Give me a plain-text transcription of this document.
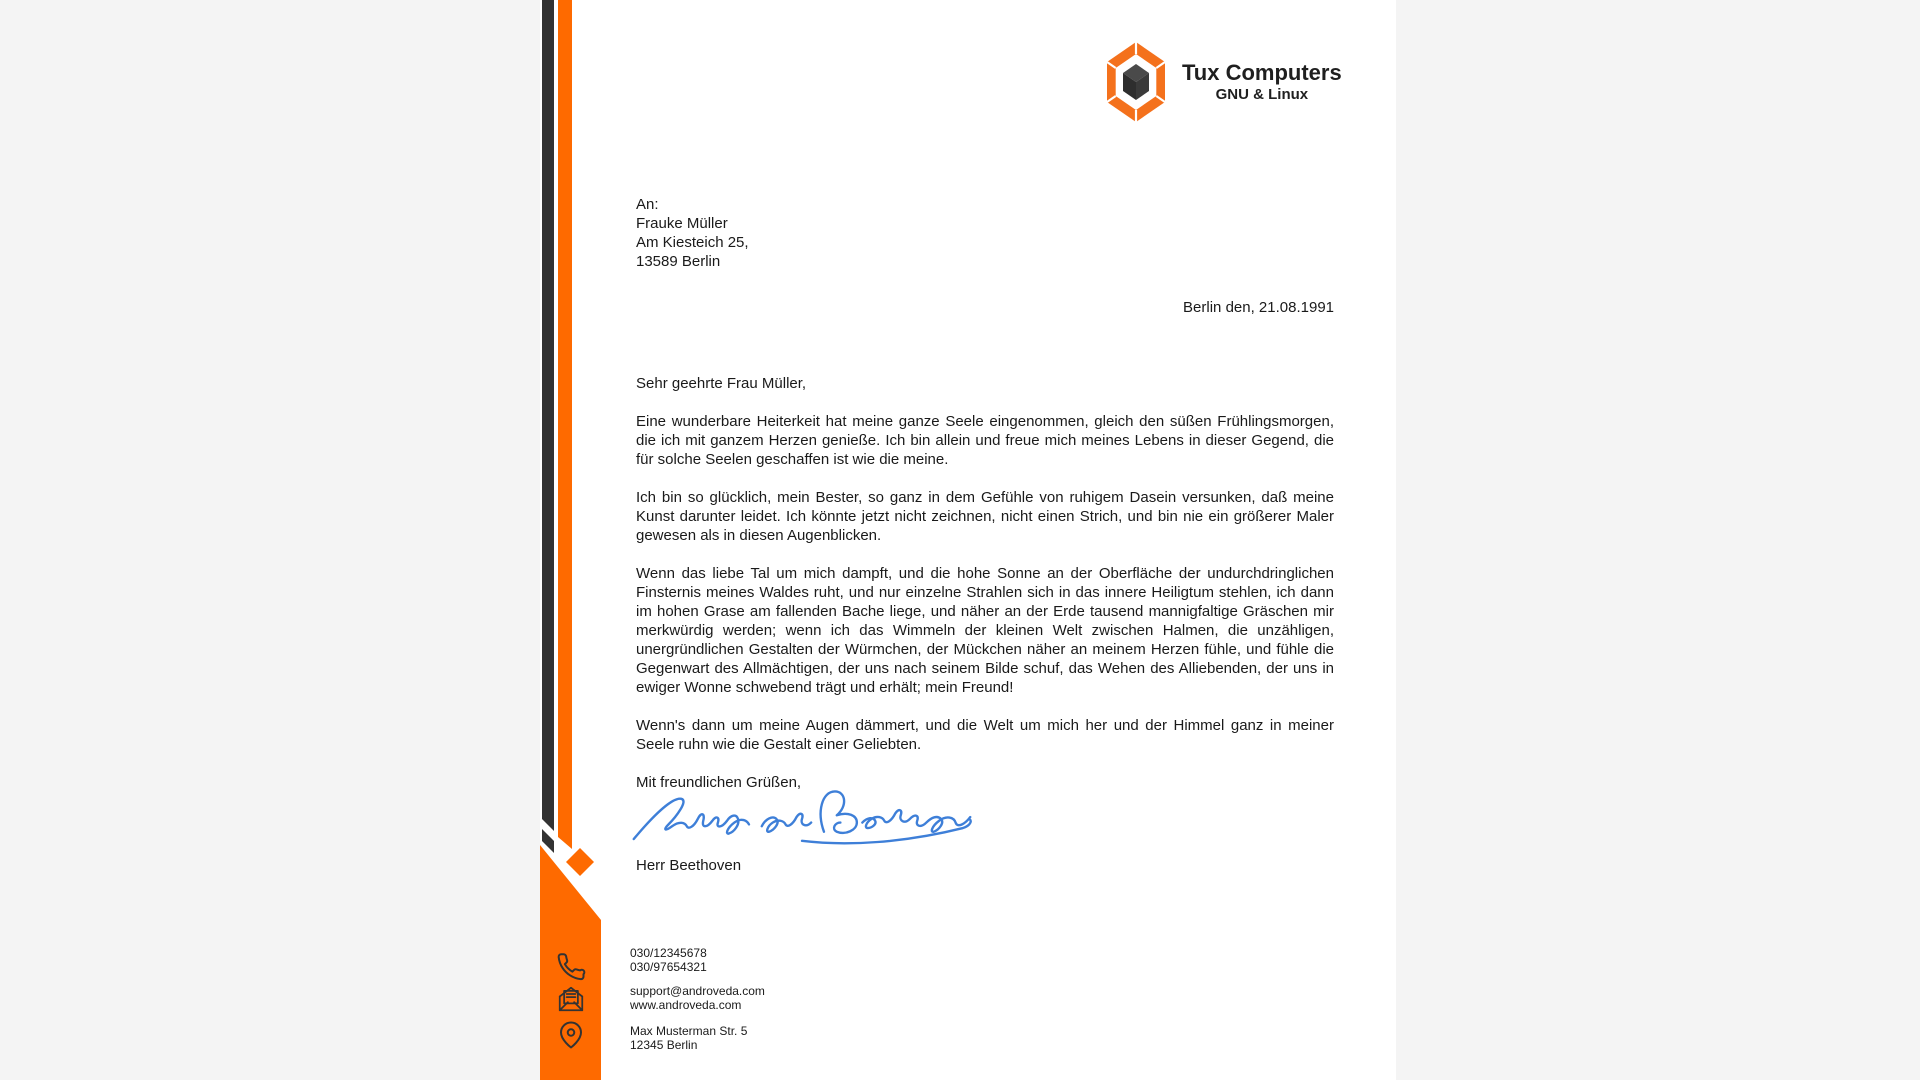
Tux Computers
GNU & Linux
An:
Frauke Müller
Am Kiesteich 25,
13589 Berlin
Berlin den, 21.08.1991
Sehr geehrte Frau Müller,

Eine wunderbare Heiterkeit hat meine ganze Seele eingenommen, gleich den süßen Frühlingsmorgen, die ich mit ganzem Herzen genieße. Ich bin allein und freue mich meines Lebens in dieser Gegend, die für solche Seelen geschaffen ist wie die meine.

Ich bin so glücklich, mein Bester, so ganz in dem Gefühle von ruhigem Dasein versunken, daß meine Kunst darunter leidet. Ich könnte jetzt nicht zeichnen, nicht einen Strich, und bin nie ein größerer Maler gewesen als in diesen Augenblicken.

Wenn das liebe Tal um mich dampft, und die hohe Sonne an der Oberfläche der undurchdringlichen Finsternis meines Waldes ruht, und nur einzelne Strahlen sich in das innere Heiligtum stehlen, ich dann im hohen Grase am fallenden Bache liege, und näher an der Erde tausend mannigfaltige Gräschen mir merkwürdig werden; wenn ich das Wimmeln der kleinen Welt zwischen Halmen, die unzähligen, unergründlichen Gestalten der Würmchen, der Mückchen näher an meinem Herzen fühle, und fühle die Gegenwart des Allmächtigen, der uns nach seinem Bilde schuf, das Wehen des Alliebenden, der uns in ewiger Wonne schwebend trägt und erhält; mein Freund!

Wenn's dann um meine Augen dämmert, und die Welt um mich her und der Himmel ganz in meiner Seele ruhn wie die Gestalt einer Geliebten.

Mit freundlichen Grüßen,
Herr Beethoven
030/12345678
030/97654321
support@androveda.com
www.androveda.com
Max Musterman Str. 5
12345 Berlin
